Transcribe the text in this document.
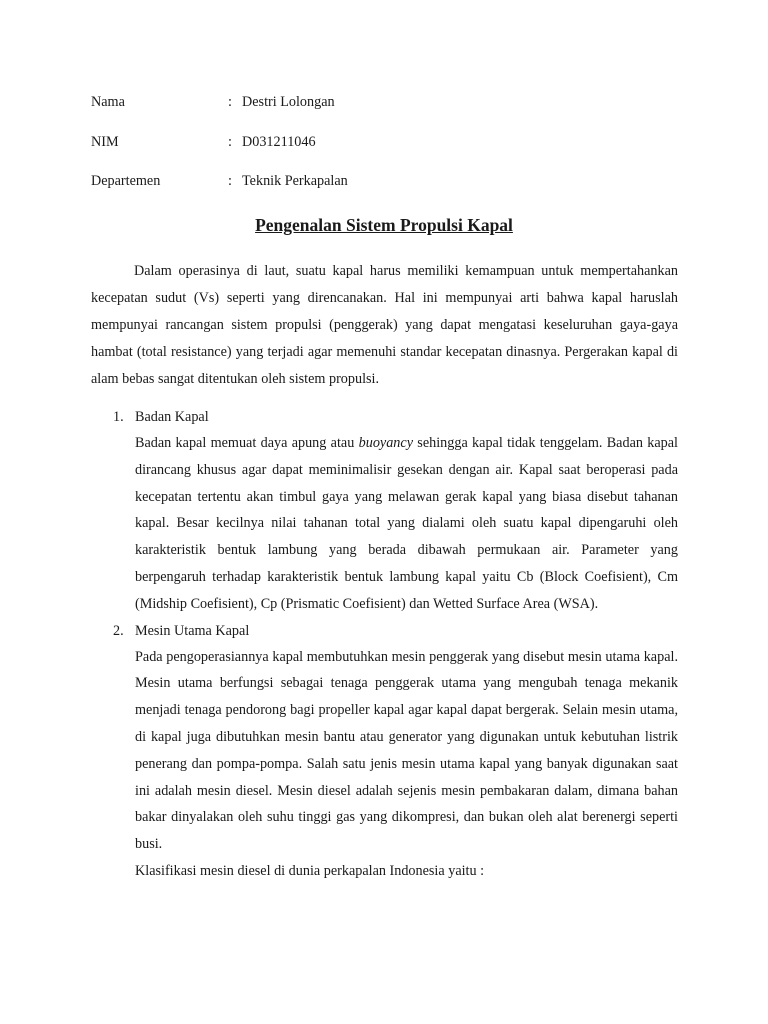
Nama	: Destri Lolongan
NIM	: D031211046
Departemen	: Teknik Perkapalan
Pengenalan Sistem Propulsi Kapal

Dalam operasinya di laut, suatu kapal harus memiliki kemampuan untuk mempertahankan kecepatan sudut (Vs) seperti yang direncanakan. Hal ini mempunyai arti bahwa kapal haruslah mempunyai rancangan sistem propulsi (penggerak) yang dapat mengatasi keseluruhan gaya-gaya hambat (total resistance) yang terjadi agar memenuhi standar kecepatan dinasnya. Pergerakan kapal di alam bebas sangat ditentukan oleh sistem propulsi.

1. Badan Kapal

Badan kapal memuat daya apung atau buoyancy sehingga kapal tidak tenggelam. Badan kapal dirancang khusus agar dapat meminimalisir gesekan dengan air. Kapal saat beroperasi pada kecepatan tertentu akan timbul gaya yang melawan gerak kapal yang biasa disebut tahanan kapal. Besar kecilnya nilai tahanan total yang dialami oleh suatu kapal dipengaruhi oleh karakteristik bentuk lambung yang berada dibawah permukaan air. Parameter yang berpengaruh terhadap karakteristik bentuk lambung kapal yaitu Cb (Block Coefisient), Cm (Midship Coefisient), Cp (Prismatic Coefisient) dan Wetted Surface Area (WSA).

2. Mesin Utama Kapal

Pada pengoperasiannya kapal membutuhkan mesin penggerak yang disebut mesin utama kapal. Mesin utama berfungsi sebagai tenaga penggerak utama yang mengubah tenaga mekanik menjadi tenaga pendorong bagi propeller kapal agar kapal dapat bergerak. Selain mesin utama, di kapal juga dibutuhkan mesin bantu atau generator yang digunakan untuk kebutuhan listrik penerang dan pompa-pompa. Salah satu jenis mesin utama kapal yang banyak digunakan saat ini adalah mesin diesel. Mesin diesel adalah sejenis mesin pembakaran dalam, dimana bahan bakar dinyalakan oleh suhu tinggi gas yang dikompresi, dan bukan oleh alat berenergi seperti busi.

Klasifikasi mesin diesel di dunia perkapalan Indonesia yaitu :
